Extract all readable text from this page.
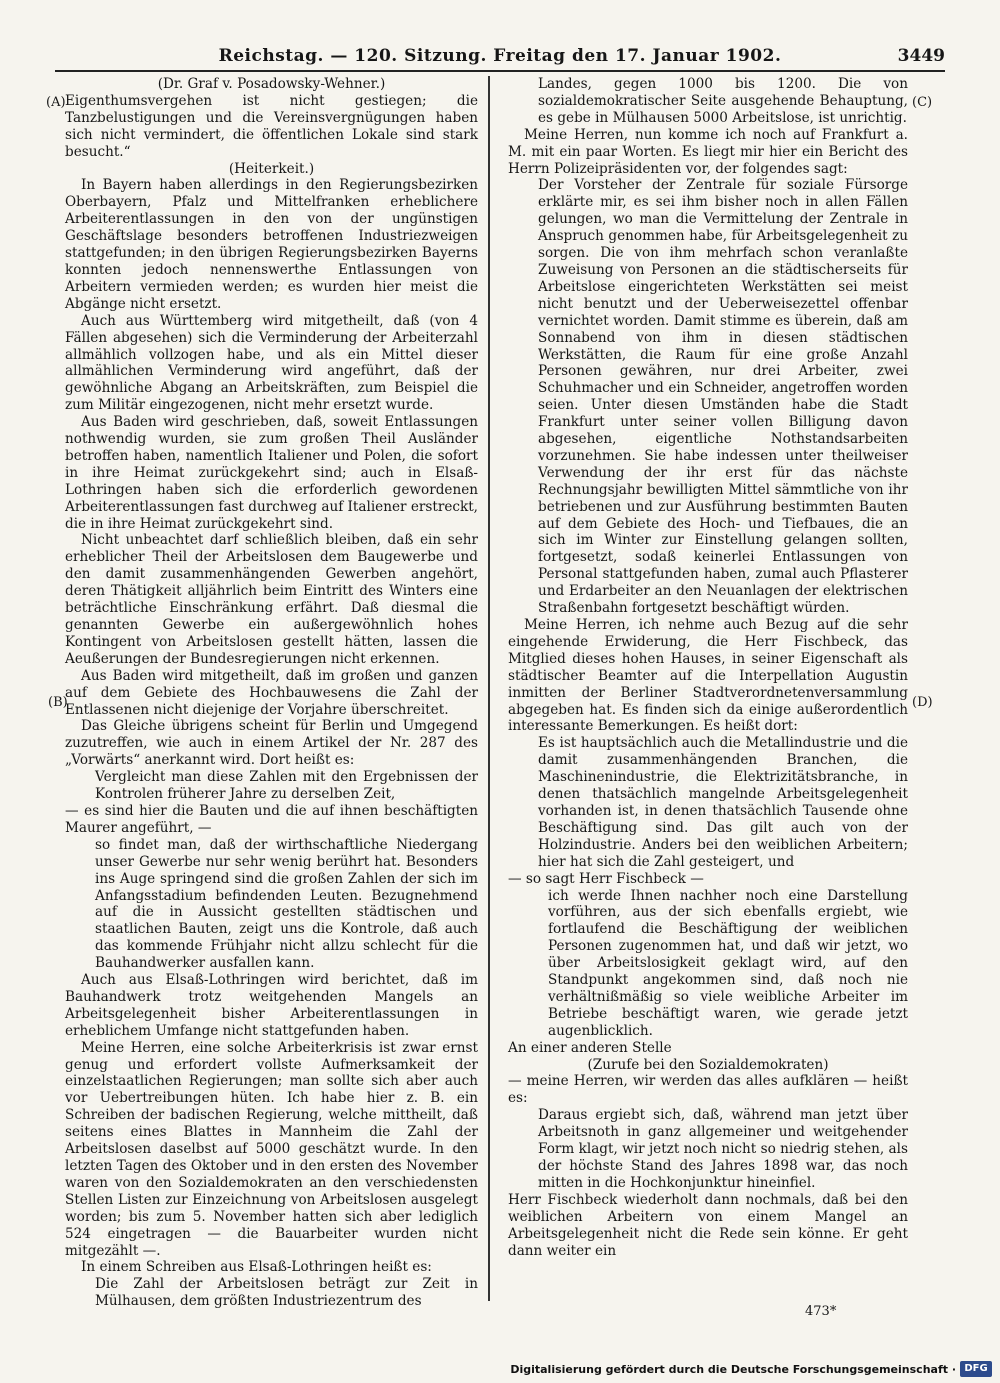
Reichstag. — 120. Sitzung. Freitag den 17. Januar 1902.	3449
(A)
(B)
(C)
(D)

(Dr. Graf v. Posadowsky-Wehner.)

Eigenthumsvergehen ist nicht gestiegen; die Tanzbelustigungen und die Vereinsvergnügungen haben sich nicht vermindert, die öffentlichen Lokale sind stark besucht.“

(Heiterkeit.)

In Bayern haben allerdings in den Regierungsbezirken Oberbayern, Pfalz und Mittelfranken erheblichere Arbeiterentlassungen in den von der ungünstigen Geschäftslage besonders betroffenen Industriezweigen stattgefunden; in den übrigen Regierungsbezirken Bayerns konnten jedoch nennenswerthe Entlassungen von Arbeitern vermieden werden; es wurden hier meist die Abgänge nicht ersetzt.

Auch aus Württemberg wird mitgetheilt, daß (von 4 Fällen abgesehen) sich die Verminderung der Arbeiterzahl allmählich vollzogen habe, und als ein Mittel dieser allmählichen Verminderung wird angeführt, daß der gewöhnliche Abgang an Arbeitskräften, zum Beispiel die zum Militär eingezogenen, nicht mehr ersetzt wurde.

Aus Baden wird geschrieben, daß, soweit Entlassungen nothwendig wurden, sie zum großen Theil Ausländer betroffen haben, namentlich Italiener und Polen, die sofort in ihre Heimat zurückgekehrt sind; auch in Elsaß-Lothringen haben sich die erforderlich gewordenen Arbeiterentlassungen fast durchweg auf Italiener erstreckt, die in ihre Heimat zurückgekehrt sind.

Nicht unbeachtet darf schließlich bleiben, daß ein sehr erheblicher Theil der Arbeitslosen dem Baugewerbe und den damit zusammenhängenden Gewerben angehört, deren Thätigkeit alljährlich beim Eintritt des Winters eine beträchtliche Einschränkung erfährt. Daß diesmal die genannten Gewerbe ein außergewöhnlich hohes Kontingent von Arbeitslosen gestellt hätten, lassen die Aeußerungen der Bundesregierungen nicht erkennen.

Aus Baden wird mitgetheilt, daß im großen und ganzen auf dem Gebiete des Hochbauwesens die Zahl der Entlassenen nicht diejenige der Vorjahre überschreitet.

Das Gleiche übrigens scheint für Berlin und Umgegend zuzutreffen, wie auch in einem Artikel der Nr. 287 des „Vorwärts“ anerkannt wird. Dort heißt es:

Vergleicht man diese Zahlen mit den Ergebnissen der Kontrolen früherer Jahre zu derselben Zeit,

— es sind hier die Bauten und die auf ihnen beschäftigten Maurer angeführt, —

so findet man, daß der wirthschaftliche Niedergang unser Gewerbe nur sehr wenig berührt hat. Besonders ins Auge springend sind die großen Zahlen der sich im Anfangsstadium befindenden Leuten. Bezugnehmend auf die in Aussicht gestellten städtischen und staatlichen Bauten, zeigt uns die Kontrole, daß auch das kommende Frühjahr nicht allzu schlecht für die Bauhandwerker ausfallen kann.

Auch aus Elsaß-Lothringen wird berichtet, daß im Bauhandwerk trotz weitgehenden Mangels an Arbeitsgelegenheit bisher Arbeiterentlassungen in erheblichem Umfange nicht stattgefunden haben.

Meine Herren, eine solche Arbeiterkrisis ist zwar ernst genug und erfordert vollste Aufmerksamkeit der einzelstaatlichen Regierungen; man sollte sich aber auch vor Uebertreibungen hüten. Ich habe hier z. B. ein Schreiben der badischen Regierung, welche mittheilt, daß seitens eines Blattes in Mannheim die Zahl der Arbeitslosen daselbst auf 5000 geschätzt wurde. In den letzten Tagen des Oktober und in den ersten des November waren von den Sozialdemokraten an den verschiedensten Stellen Listen zur Einzeichnung von Arbeitslosen ausgelegt worden; bis zum 5. November hatten sich aber lediglich 524 eingetragen — die Bauarbeiter wurden nicht mitgezählt —.

In einem Schreiben aus Elsaß-Lothringen heißt es:

Die Zahl der Arbeitslosen beträgt zur Zeit in Mülhausen, dem größten Industriezentrum des

Landes, gegen 1000 bis 1200. Die von sozialdemokratischer Seite ausgehende Behauptung, es gebe in Mülhausen 5000 Arbeitslose, ist unrichtig.

Meine Herren, nun komme ich noch auf Frankfurt a. M. mit ein paar Worten. Es liegt mir hier ein Bericht des Herrn Polizeipräsidenten vor, der folgendes sagt:

Der Vorsteher der Zentrale für soziale Fürsorge erklärte mir, es sei ihm bisher noch in allen Fällen gelungen, wo man die Vermittelung der Zentrale in Anspruch genommen habe, für Arbeitsgelegenheit zu sorgen. Die von ihm mehrfach schon veranlaßte Zuweisung von Personen an die städtischerseits für Arbeitslose eingerichteten Werkstätten sei meist nicht benutzt und der Ueberweisezettel offenbar vernichtet worden. Damit stimme es überein, daß am Sonnabend von ihm in diesen städtischen Werkstätten, die Raum für eine große Anzahl Personen gewähren, nur drei Arbeiter, zwei Schuhmacher und ein Schneider, angetroffen worden seien. Unter diesen Umständen habe die Stadt Frankfurt unter seiner vollen Billigung davon abgesehen, eigentliche Nothstandsarbeiten vorzunehmen. Sie habe indessen unter theilweiser Verwendung der ihr erst für das nächste Rechnungsjahr bewilligten Mittel sämmtliche von ihr betriebenen und zur Ausführung bestimmten Bauten auf dem Gebiete des Hoch- und Tiefbaues, die an sich im Winter zur Einstellung gelangen sollten, fortgesetzt, sodaß keinerlei Entlassungen von Personal stattgefunden haben, zumal auch Pflasterer und Erdarbeiter an den Neuanlagen der elektrischen Straßenbahn fortgesetzt beschäftigt würden.

Meine Herren, ich nehme auch Bezug auf die sehr eingehende Erwiderung, die Herr Fischbeck, das Mitglied dieses hohen Hauses, in seiner Eigenschaft als städtischer Beamter auf die Interpellation Augustin inmitten der Berliner Stadtverordnetenversammlung abgegeben hat. Es finden sich da einige außerordentlich interessante Bemerkungen. Es heißt dort:

Es ist hauptsächlich auch die Metallindustrie und die damit zusammenhängenden Branchen, die Maschinenindustrie, die Elektrizitätsbranche, in denen thatsächlich mangelnde Arbeitsgelegenheit vorhanden ist, in denen thatsächlich Tausende ohne Beschäftigung sind. Das gilt auch von der Holzindustrie. Anders bei den weiblichen Arbeitern; hier hat sich die Zahl gesteigert, und

— so sagt Herr Fischbeck —

ich werde Ihnen nachher noch eine Darstellung vorführen, aus der sich ebenfalls ergiebt, wie fortlaufend die Beschäftigung der weiblichen Personen zugenommen hat, und daß wir jetzt, wo über Arbeitslosigkeit geklagt wird, auf den Standpunkt angekommen sind, daß noch nie verhältnißmäßig so viele weibliche Arbeiter im Betriebe beschäftigt waren, wie gerade jetzt augenblicklich.

An einer anderen Stelle

(Zurufe bei den Sozialdemokraten)

— meine Herren, wir werden das alles aufklären — heißt es:

Daraus ergiebt sich, daß, während man jetzt über Arbeitsnoth in ganz allgemeiner und weitgehender Form klagt, wir jetzt noch nicht so niedrig stehen, als der höchste Stand des Jahres 1898 war, das noch mitten in die Hochkonjunktur hineinfiel.

Herr Fischbeck wiederholt dann nochmals, daß bei den weiblichen Arbeitern von einem Mangel an Arbeitsgelegenheit nicht die Rede sein könne. Er geht dann weiter ein

473*
Digitalisierung gefördert durch die Deutsche Forschungsgemeinschaft · DFG
